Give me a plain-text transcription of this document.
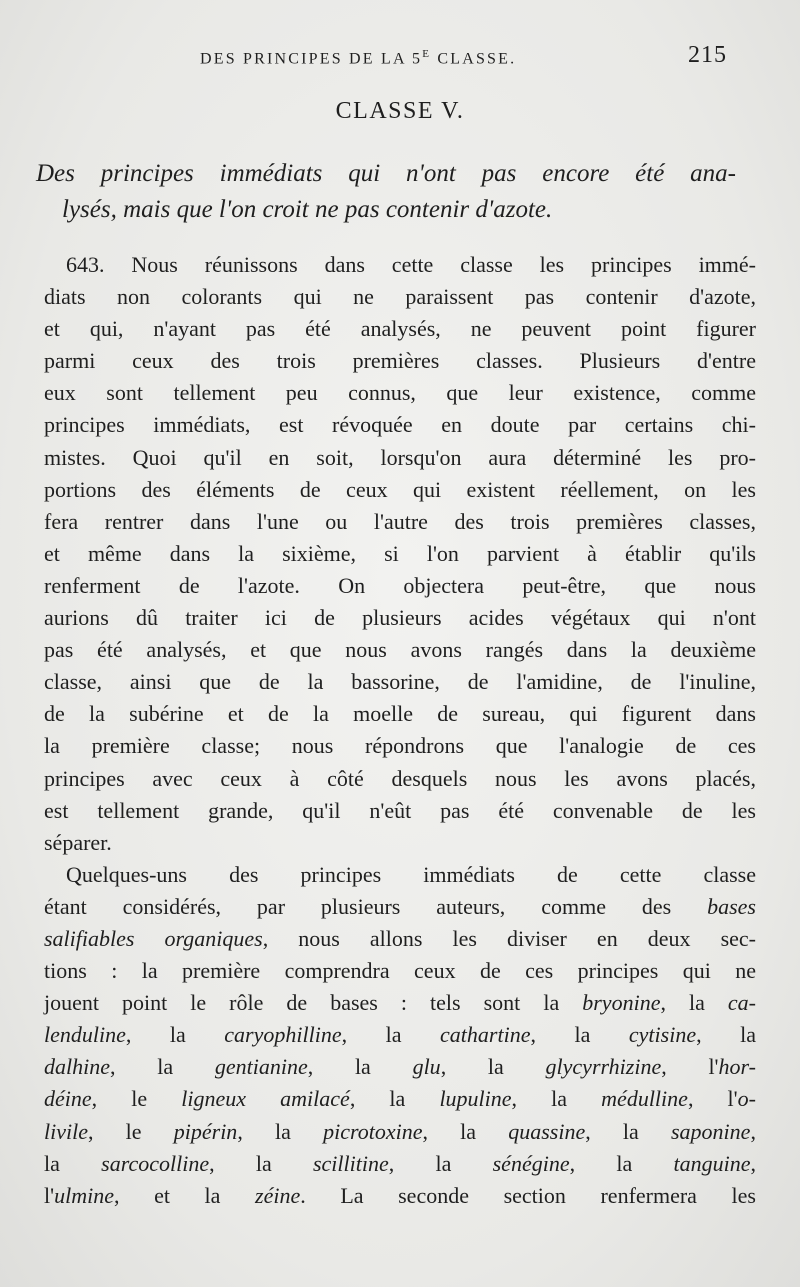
DES PRINCIPES DE LA $5^E$ CLASSE.	215
CLASSE V.
Des principes immédiats qui n'ont pas encore été ana-
lysés, mais que l'on croit ne pas contenir d'azote.
643. Nous réunissons dans cette classe les principes immé-
diats non colorants qui ne paraissent pas contenir d'azote,
et qui, n'ayant pas été analysés, ne peuvent point figurer
parmi ceux des trois premières classes. Plusieurs d'entre
eux sont tellement peu connus, que leur existence, comme
principes immédiats, est révoquée en doute par certains chi-
mistes. Quoi qu'il en soit, lorsqu'on aura déterminé les pro-
portions des éléments de ceux qui existent réellement, on les
fera rentrer dans l'une ou l'autre des trois premières classes,
et même dans la sixième, si l'on parvient à établir qu'ils
renferment de l'azote. On objectera peut-être, que nous
aurions dû traiter ici de plusieurs acides végétaux qui n'ont
pas été analysés, et que nous avons rangés dans la deuxième
classe, ainsi que de la bassorine, de l'amidine, de l'inuline,
de la subérine et de la moelle de sureau, qui figurent dans
la première classe; nous répondrons que l'analogie de ces
principes avec ceux à côté desquels nous les avons placés,
est tellement grande, qu'il n'eût pas été convenable de les
séparer.
Quelques-uns des principes immédiats de cette classe
étant considérés, par plusieurs auteurs, comme des bases
salifiables organiques, nous allons les diviser en deux sec-
tions : la première comprendra ceux de ces principes qui ne
jouent point le rôle de bases : tels sont la bryonine, la ca-
lenduline, la caryophilline, la cathartine, la cytisine, la
dalhine, la gentianine, la glu, la glycyrrhizine, l'hor-
déine, le ligneux amilacé, la lupuline, la médulline, l'o-
livile, le pipérin, la picrotoxine, la quassine, la saponine,
la sarcocolline, la scillitine, la sénégine, la tanguine,
l'ulmine, et la zéine. La seconde section renfermera les
